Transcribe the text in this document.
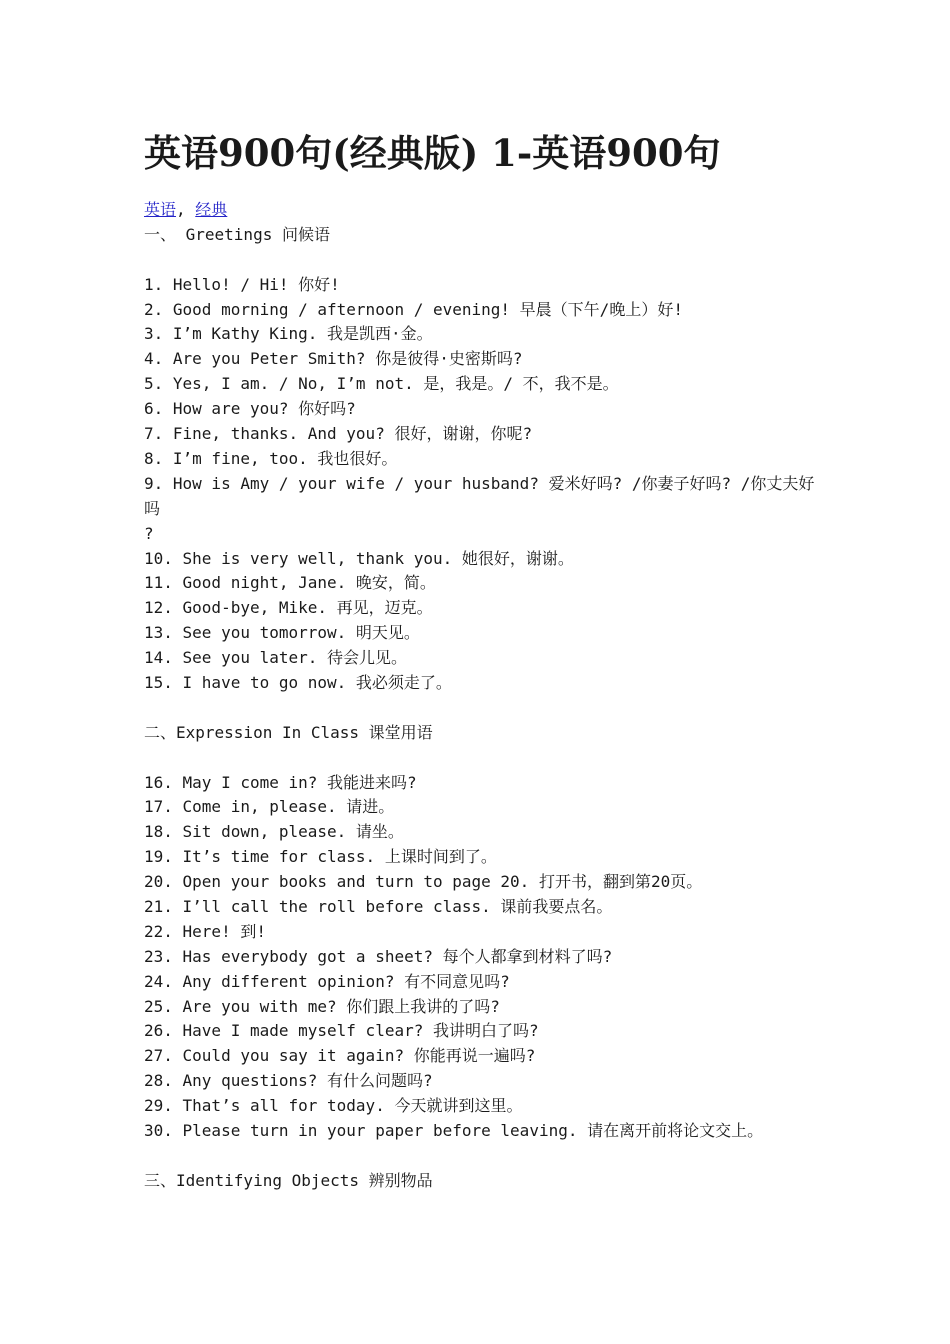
英语900句(经典版) 1-英语900句
英语, 经典
一、 Greetings 问候语
1. Hello! / Hi! 你好!
2. Good morning / afternoon / evening! 早晨（下午/晚上）好!
3. I’m Kathy King. 我是凯西·金。
4. Are you Peter Smith? 你是彼得·史密斯吗?
5. Yes, I am. / No, I’m not. 是，我是。/ 不，我不是。
6. How are you? 你好吗?
7. Fine, thanks. And you? 很好，谢谢，你呢?
8. I’m fine, too. 我也很好。
9. How is Amy / your wife / your husband? 爱米好吗? /你妻子好吗? /你丈夫好吗
?
10. She is very well, thank you. 她很好，谢谢。
11. Good night, Jane. 晚安，简。
12. Good-bye, Mike. 再见，迈克。
13. See you tomorrow. 明天见。
14. See you later. 待会儿见。
15. I have to go now. 我必须走了。
二、Expression In Class 课堂用语
16. May I come in? 我能进来吗?
17. Come in, please. 请进。
18. Sit down, please. 请坐。
19. It’s time for class. 上课时间到了。
20. Open your books and turn to page 20. 打开书，翻到第20页。
21. I’ll call the roll before class. 课前我要点名。
22. Here! 到!
23. Has everybody got a sheet? 每个人都拿到材料了吗?
24. Any different opinion? 有不同意见吗?
25. Are you with me? 你们跟上我讲的了吗?
26. Have I made myself clear? 我讲明白了吗?
27. Could you say it again? 你能再说一遍吗?
28. Any questions? 有什么问题吗?
29. That’s all for today. 今天就讲到这里。
30. Please turn in your paper before leaving. 请在离开前将论文交上。
三、Identifying Objects 辨别物品
